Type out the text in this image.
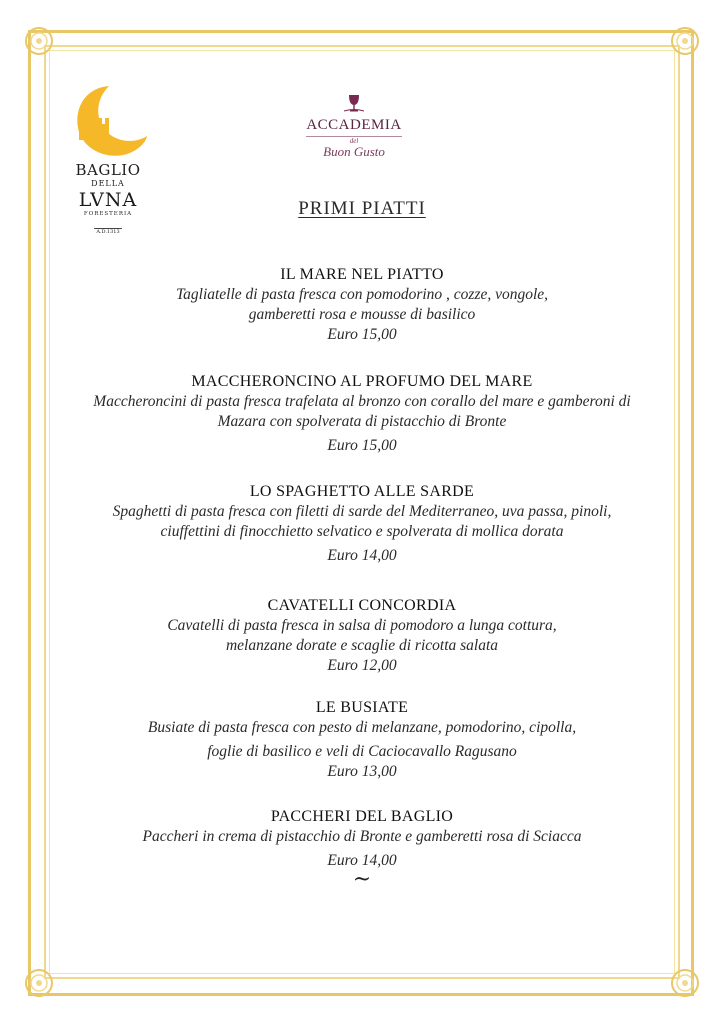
BAGLIO
DELLA
LVNA
FORESTERIA
A.D.1313
ACCADEMIA
del
Buon Gusto
PRIMI PIATTI
IL MARE NEL PIATTO
Tagliatelle di pasta fresca con pomodorino , cozze, vongole,
gamberetti rosa e mousse di basilico
Euro 15,00
MACCHERONCINO AL PROFUMO DEL MARE
Maccheroncini di pasta fresca trafelata al bronzo con corallo del mare e gamberoni di
Mazara con spolverata di pistacchio di Bronte
Euro 15,00
LO SPAGHETTO ALLE SARDE
Spaghetti di pasta fresca con filetti di sarde del Mediterraneo, uva passa, pinoli,
ciuffettini di finocchietto selvatico e spolverata di mollica dorata
Euro 14,00
CAVATELLI CONCORDIA
Cavatelli di pasta fresca in salsa di pomodoro a lunga cottura,
melanzane dorate e scaglie di ricotta salata
Euro 12,00
LE BUSIATE
Busiate di pasta fresca con pesto di melanzane, pomodorino, cipolla,
foglie di basilico e veli di Caciocavallo Ragusano
Euro 13,00
PACCHERI DEL BAGLIO
Paccheri in crema di pistacchio di Bronte e gamberetti rosa di Sciacca
Euro 14,00
~
